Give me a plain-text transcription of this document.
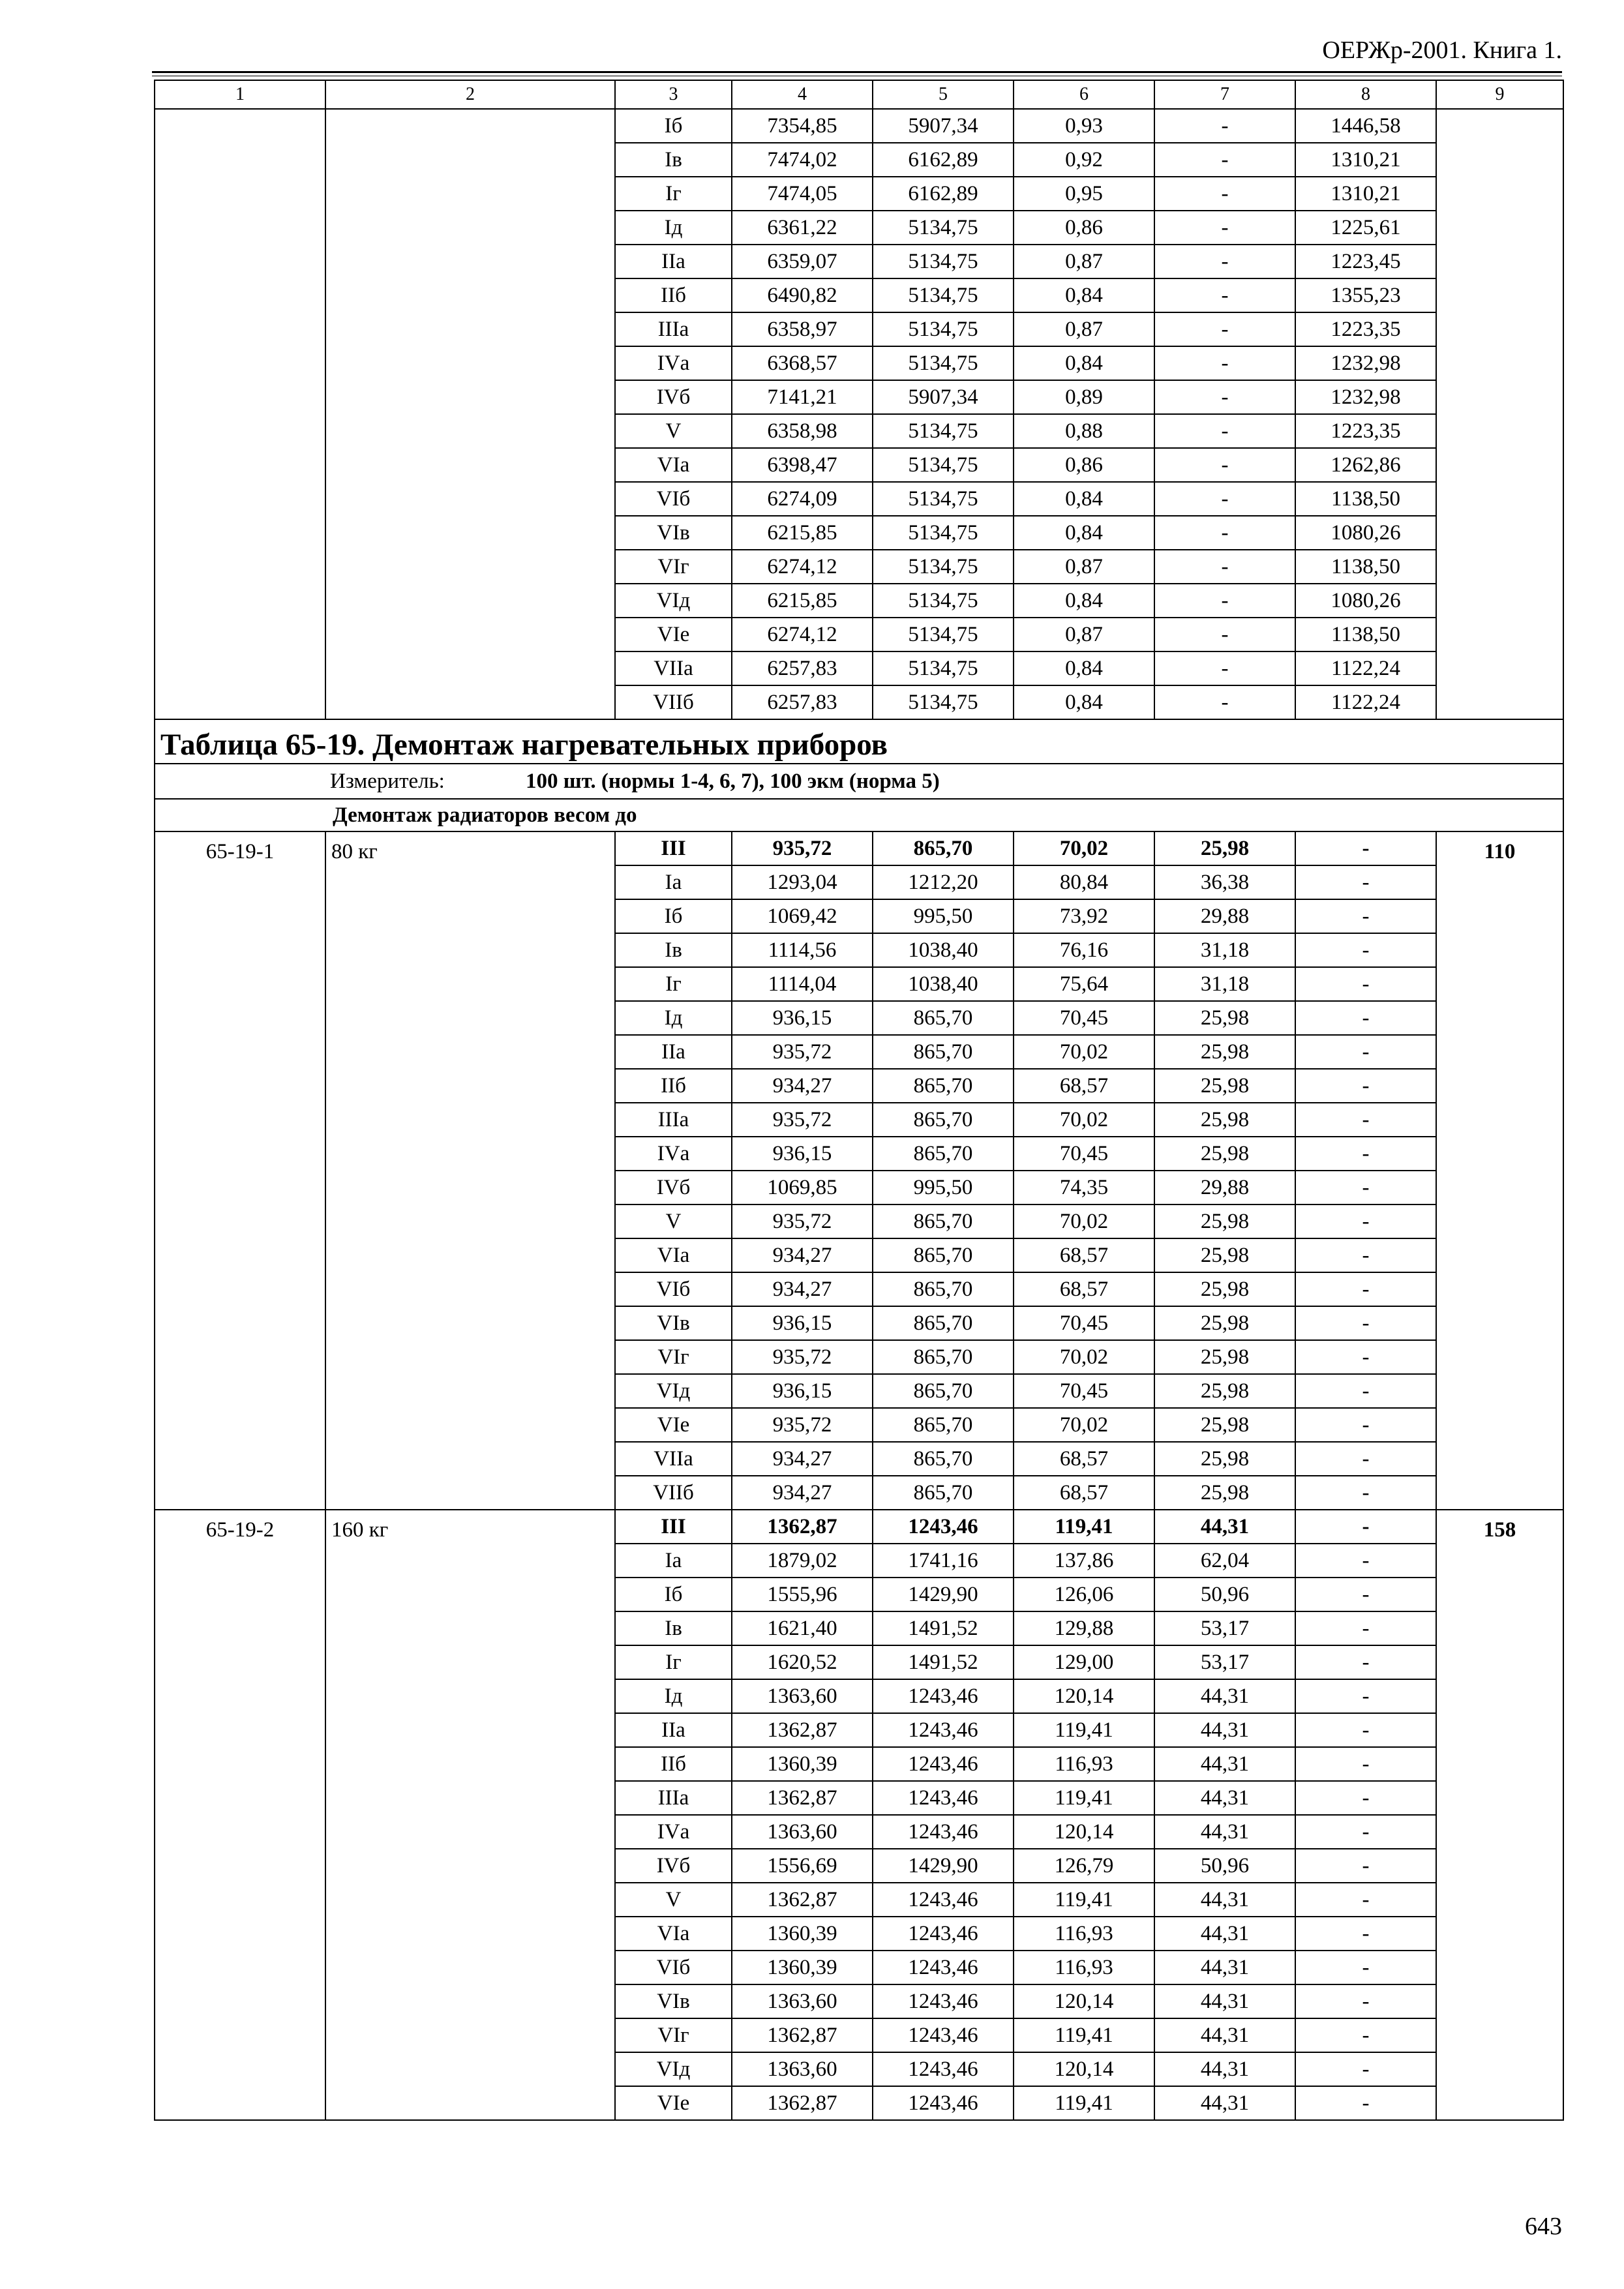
ОЕРЖр-2001. Книга 1.
1	2	3	4	5	6	7	8	9
		Iб	7354,85	5907,34	0,93	-	1446,58	
		Iв	7474,02	6162,89	0,92	-	1310,21	
		Iг	7474,05	6162,89	0,95	-	1310,21	
		Iд	6361,22	5134,75	0,86	-	1225,61	
		IIа	6359,07	5134,75	0,87	-	1223,45	
		IIб	6490,82	5134,75	0,84	-	1355,23	
		IIIа	6358,97	5134,75	0,87	-	1223,35	
		IVа	6368,57	5134,75	0,84	-	1232,98	
		IVб	7141,21	5907,34	0,89	-	1232,98	
		V	6358,98	5134,75	0,88	-	1223,35	
		VIа	6398,47	5134,75	0,86	-	1262,86	
		VIб	6274,09	5134,75	0,84	-	1138,50	
		VIв	6215,85	5134,75	0,84	-	1080,26	
		VIг	6274,12	5134,75	0,87	-	1138,50	
		VIд	6215,85	5134,75	0,84	-	1080,26	
		VIе	6274,12	5134,75	0,87	-	1138,50	
		VIIа	6257,83	5134,75	0,84	-	1122,24	
		VIIб	6257,83	5134,75	0,84	-	1122,24	
Таблица 65-19. Демонтаж нагревательных приборов								
Измеритель: 100 шт. (нормы 1-4, 6, 7), 100 экм (норма 5)								
Демонтаж радиаторов весом до								
65-19-1	80 кг	III	935,72	865,70	70,02	25,98	-	110
		Iа	1293,04	1212,20	80,84	36,38	-	
		Iб	1069,42	995,50	73,92	29,88	-	
		Iв	1114,56	1038,40	76,16	31,18	-	
		Iг	1114,04	1038,40	75,64	31,18	-	
		Iд	936,15	865,70	70,45	25,98	-	
		IIа	935,72	865,70	70,02	25,98	-	
		IIб	934,27	865,70	68,57	25,98	-	
		IIIа	935,72	865,70	70,02	25,98	-	
		IVа	936,15	865,70	70,45	25,98	-	
		IVб	1069,85	995,50	74,35	29,88	-	
		V	935,72	865,70	70,02	25,98	-	
		VIа	934,27	865,70	68,57	25,98	-	
		VIб	934,27	865,70	68,57	25,98	-	
		VIв	936,15	865,70	70,45	25,98	-	
		VIг	935,72	865,70	70,02	25,98	-	
		VIд	936,15	865,70	70,45	25,98	-	
		VIе	935,72	865,70	70,02	25,98	-	
		VIIа	934,27	865,70	68,57	25,98	-	
		VIIб	934,27	865,70	68,57	25,98	-	
65-19-2	160 кг	III	1362,87	1243,46	119,41	44,31	-	158
		Iа	1879,02	1741,16	137,86	62,04	-	
		Iб	1555,96	1429,90	126,06	50,96	-	
		Iв	1621,40	1491,52	129,88	53,17	-	
		Iг	1620,52	1491,52	129,00	53,17	-	
		Iд	1363,60	1243,46	120,14	44,31	-	
		IIа	1362,87	1243,46	119,41	44,31	-	
		IIб	1360,39	1243,46	116,93	44,31	-	
		IIIа	1362,87	1243,46	119,41	44,31	-	
		IVа	1363,60	1243,46	120,14	44,31	-	
		IVб	1556,69	1429,90	126,79	50,96	-	
		V	1362,87	1243,46	119,41	44,31	-	
		VIа	1360,39	1243,46	116,93	44,31	-	
		VIб	1360,39	1243,46	116,93	44,31	-	
		VIв	1363,60	1243,46	120,14	44,31	-	
		VIг	1362,87	1243,46	119,41	44,31	-	
		VIд	1363,60	1243,46	120,14	44,31	-	
		VIе	1362,87	1243,46	119,41	44,31	-	
643
